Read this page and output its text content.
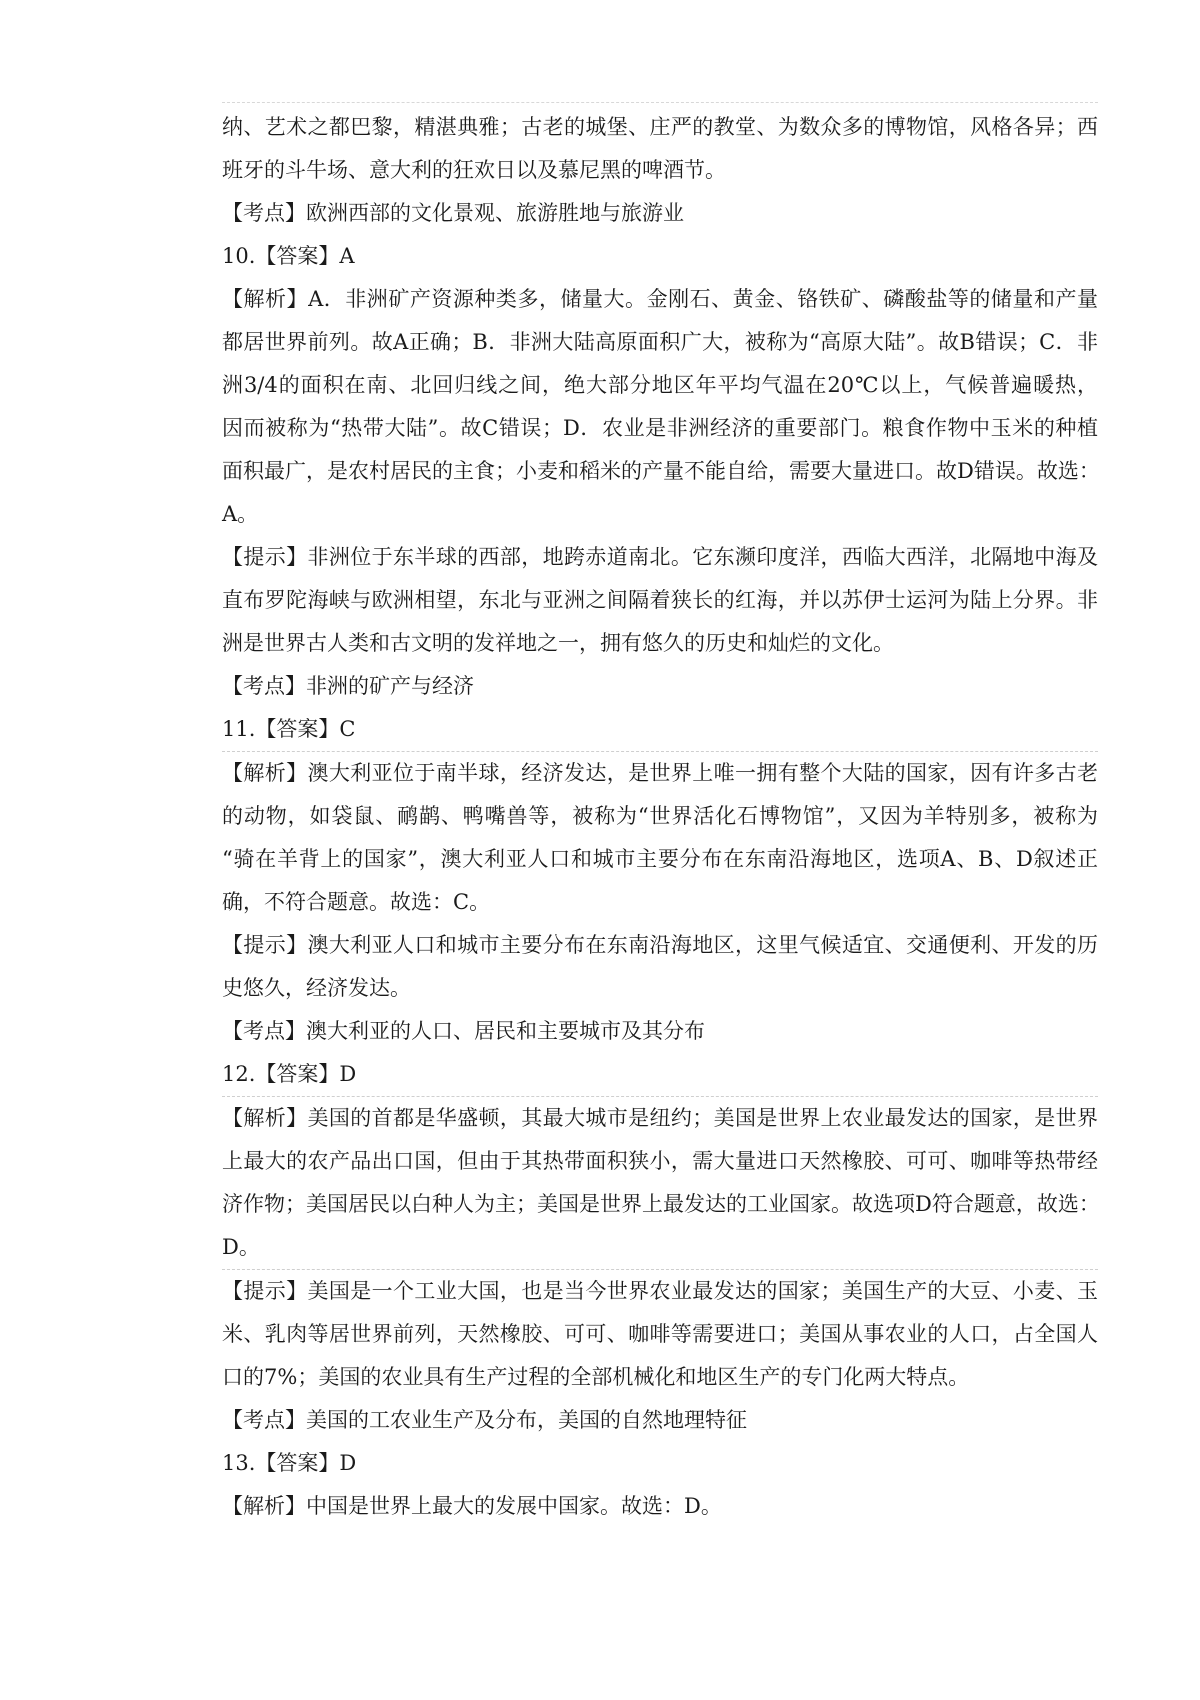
纳、艺术之都巴黎，精湛典雅；古老的城堡、庄严的教堂、为数众多的博物馆，风格各异；西
班牙的斗牛场、意大利的狂欢日以及慕尼黑的啤酒节。
【考点】欧洲西部的文化景观、旅游胜地与旅游业
10.【答案】A
【解析】A．非洲矿产资源种类多，储量大。金刚石、黄金、铬铁矿、磷酸盐等的储量和产量
都居世界前列。故A正确；B．非洲大陆高原面积广大，被称为“高原大陆”。故B错误；C．非
洲3/4的面积在南、北回归线之间，绝大部分地区年平均气温在20℃以上，气候普遍暖热，
因而被称为“热带大陆”。故C错误；D．农业是非洲经济的重要部门。粮食作物中玉米的种植
面积最广，是农村居民的主食；小麦和稻米的产量不能自给，需要大量进口。故D错误。故选：
A。
【提示】非洲位于东半球的西部，地跨赤道南北。它东濒印度洋，西临大西洋，北隔地中海及
直布罗陀海峡与欧洲相望，东北与亚洲之间隔着狭长的红海，并以苏伊士运河为陆上分界。非
洲是世界古人类和古文明的发祥地之一，拥有悠久的历史和灿烂的文化。
【考点】非洲的矿产与经济
11.【答案】C
【解析】澳大利亚位于南半球，经济发达，是世界上唯一拥有整个大陆的国家，因有许多古老
的动物，如袋鼠、鸸鹋、鸭嘴兽等，被称为“世界活化石博物馆”，又因为羊特别多，被称为
“骑在羊背上的国家”，澳大利亚人口和城市主要分布在东南沿海地区，选项A、B、D叙述正
确，不符合题意。故选：C。
【提示】澳大利亚人口和城市主要分布在东南沿海地区，这里气候适宜、交通便利、开发的历
史悠久，经济发达。
【考点】澳大利亚的人口、居民和主要城市及其分布
12.【答案】D
【解析】美国的首都是华盛顿，其最大城市是纽约；美国是世界上农业最发达的国家，是世界
上最大的农产品出口国，但由于其热带面积狭小，需大量进口天然橡胶、可可、咖啡等热带经
济作物；美国居民以白种人为主；美国是世界上最发达的工业国家。故选项D符合题意，故选：
D。
【提示】美国是一个工业大国，也是当今世界农业最发达的国家；美国生产的大豆、小麦、玉
米、乳肉等居世界前列，天然橡胶、可可、咖啡等需要进口；美国从事农业的人口，占全国人
口的7%；美国的农业具有生产过程的全部机械化和地区生产的专门化两大特点。
【考点】美国的工农业生产及分布，美国的自然地理特征
13.【答案】D
【解析】中国是世界上最大的发展中国家。故选：D。
